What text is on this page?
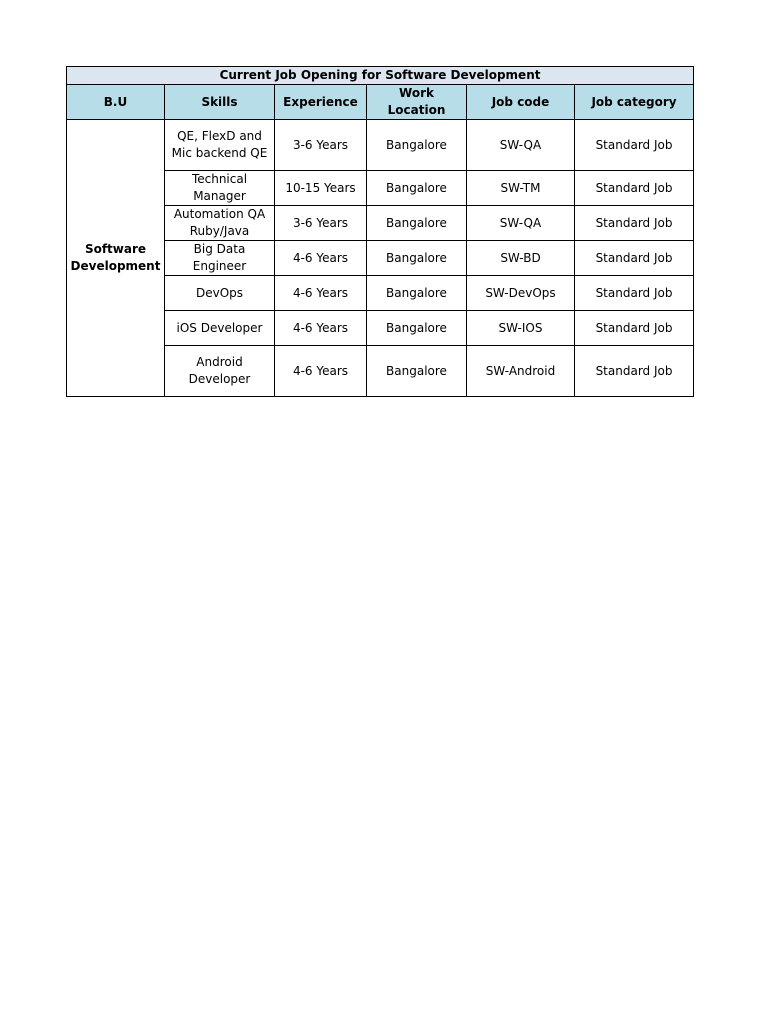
Current Job Opening for Software Development					
B.U	Skills	Experience	Work Location	Job code	Job category
Software Development	QE, FlexD and Mic backend QE	3-6 Years	Bangalore	SW-QA	Standard Job
	Technical Manager	10-15 Years	Bangalore	SW-TM	Standard Job
	Automation QA Ruby/Java	3-6 Years	Bangalore	SW-QA	Standard Job
	Big Data Engineer	4-6 Years	Bangalore	SW-BD	Standard Job
	DevOps	4-6 Years	Bangalore	SW-DevOps	Standard Job
	iOS Developer	4-6 Years	Bangalore	SW-IOS	Standard Job
	Android Developer	4-6 Years	Bangalore	SW-Android	Standard Job
